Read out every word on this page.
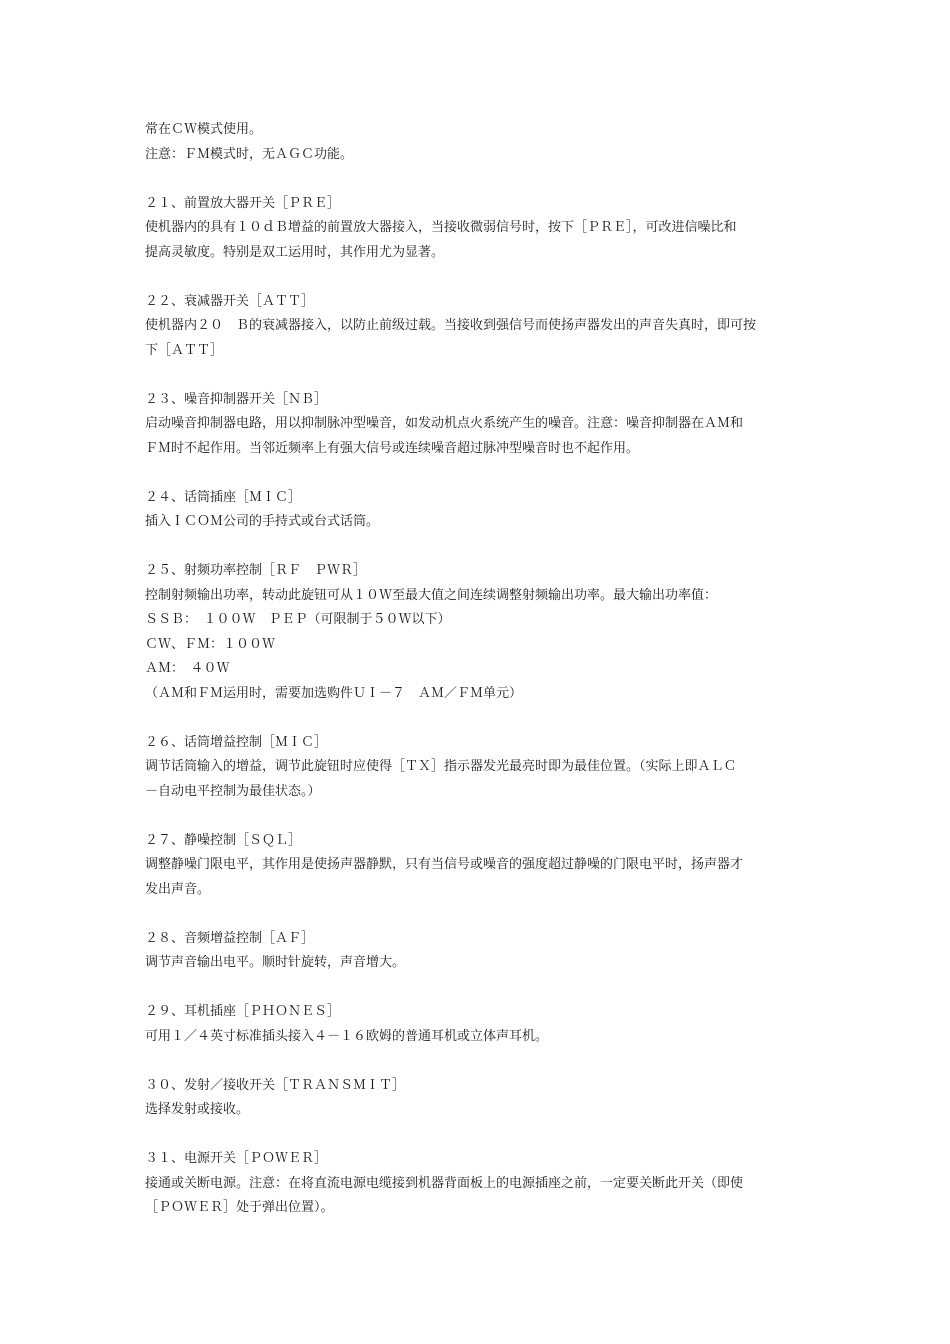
常在ＣＷ模式使用。
注意：ＦＭ模式时，无ＡＧＣ功能。
２１、前置放大器开关［ＰＲＥ］
使机器内的具有１０ｄＢ增益的前置放大器接入，当接收微弱信号时，按下［ＰＲＥ］，可改进信噪比和
提高灵敏度。特别是双工运用时，其作用尤为显著。
２２、衰减器开关［ＡＴＴ］
使机器内２０　Ｂ的衰减器接入，以防止前级过载。当接收到强信号而使扬声器发出的声音失真时，即可按
下［ＡＴＴ］
２３、噪音抑制器开关［ＮＢ］
启动噪音抑制器电路，用以抑制脉冲型噪音，如发动机点火系统产生的噪音。注意：噪音抑制器在ＡＭ和
ＦＭ时不起作用。当邻近频率上有强大信号或连续噪音超过脉冲型噪音时也不起作用。
２４、话筒插座［ＭＩＣ］
插入ＩＣＯＭ公司的手持式或台式话筒。
２５、射频功率控制［ＲＦ　ＰＷＲ］
控制射频输出功率，转动此旋钮可从１０Ｗ至最大值之间连续调整射频输出功率。最大输出功率值：
ＳＳＢ：　１００Ｗ　ＰＥＰ（可限制于５０Ｗ以下）
ＣＷ、ＦＭ：１００Ｗ
ＡＭ：　４０Ｗ
（ＡＭ和ＦＭ运用时，需要加选购件ＵＩ－７　ＡＭ／ＦＭ单元）
２６、话筒增益控制［ＭＩＣ］
调节话筒输入的增益，调节此旋钮时应使得［ＴＸ］指示器发光最亮时即为最佳位置。（实际上即ＡＬＣ
－自动电平控制为最佳状态。）
２７、静噪控制［ＳＱＬ］
调整静噪门限电平，其作用是使扬声器静默，只有当信号或噪音的强度超过静噪的门限电平时，扬声器才
发出声音。
２８、音频增益控制［ＡＦ］
调节声音输出电平。顺时针旋转，声音增大。
２９、耳机插座［ＰＨＯＮＥＳ］
可用１／４英寸标准插头接入４－１６欧姆的普通耳机或立体声耳机。
３０、发射／接收开关［ＴＲＡＮＳＭＩＴ］
选择发射或接收。
３１、电源开关［ＰＯＷＥＲ］
接通或关断电源。注意：在将直流电源电缆接到机器背面板上的电源插座之前，一定要关断此开关（即使
［ＰＯＷＥＲ］处于弹出位置）。
